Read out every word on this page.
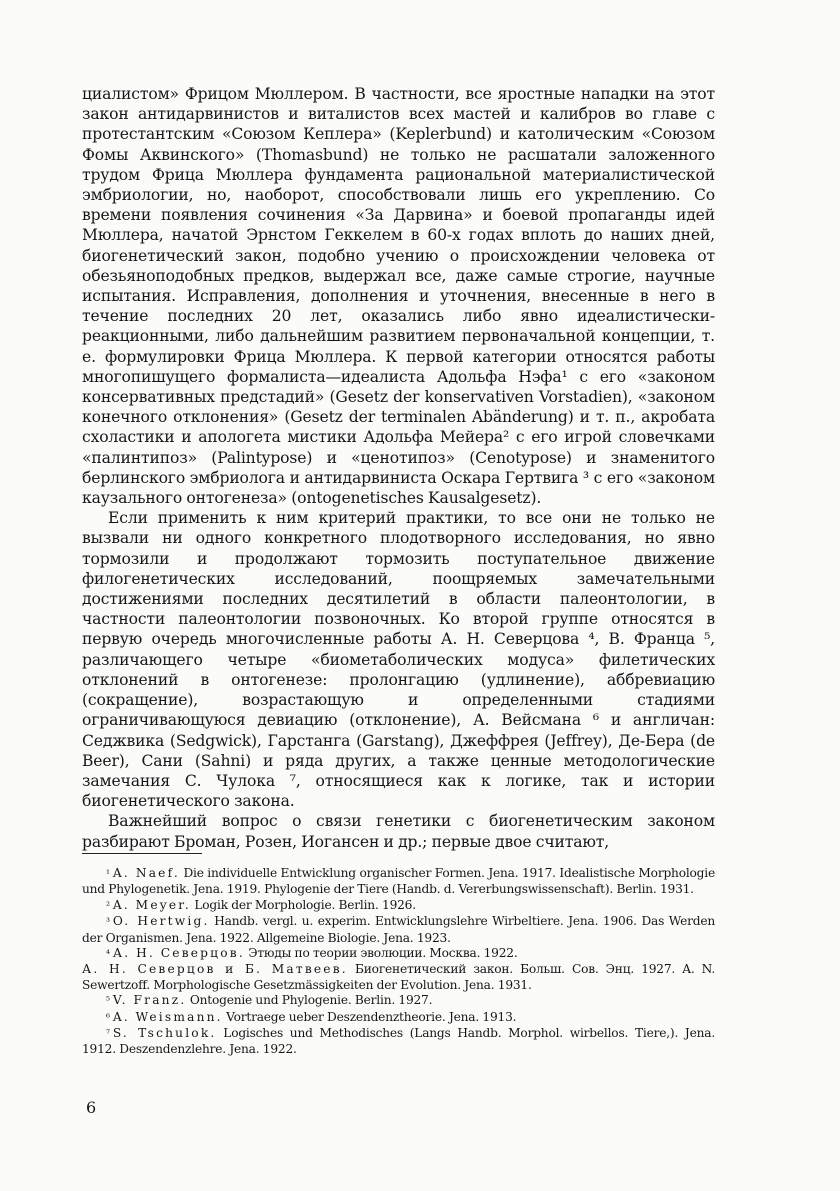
циалистом» Фрицом Мюллером. В частности, все яростные нападки на этот закон антидарвинистов и виталистов всех мастей и калибров во главе с протестантским «Союзом Кеплера» (Keplerbund) и католическим «Союзом Фомы Аквинского» (Thomasbund) не только не расшатали заложенного трудом Фрица Мюллера фундамента рациональной материалистической эмбриологии, но, наоборот, способствовали лишь его укреплению. Со времени появления сочинения «За Дарвина» и боевой пропаганды идей Мюллера, начатой Эрнстом Геккелем в 60-х годах вплоть до наших дней, биогенетический закон, подобно учению о происхождении человека от обезьяноподобных предков, выдержал все, даже самые строгие, научные испытания. Исправления, дополнения и уточнения, внесенные в него в течение последних 20 лет, оказались либо явно идеалистически-реакционными, либо дальнейшим развитием первоначальной концепции, т. е. формулировки Фрица Мюллера. К первой категории относятся работы многопишущего формалиста—идеалиста Адольфа Нэфа¹ с его «законом консервативных предстадий» (Gesetz der konservativen Vorstadien), «законом конечного отклонения» (Gesetz der terminalen Abänderung) и т. п., акробата схоластики и апологета мистики Адольфа Мейера² с его игрой словечками «палинтипоз» (Palintypose) и «ценотипоз» (Cenotypose) и знаменитого берлинского эмбриолога и антидарвиниста Оскара Гертвига ³ с его «законом каузального онтогенеза» (ontogenetisches Kausalgesetz).

Если применить к ним критерий практики, то все они не только не вызвали ни одного конкретного плодотворного исследования, но явно тормозили и продолжают тормозить поступательное движение филогенетических исследований, поощряемых замечательными достижениями последних десятилетий в области палеонтологии, в частности палеонтологии позвоночных. Ко второй группе относятся в первую очередь многочисленные работы А. Н. Северцова ⁴, В. Франца ⁵, различающего четыре «биометаболических модуса» филетических отклонений в онтогенезе: пролонгацию (удлинение), аббревиацию (сокращение), возрастающую и определенными стадиями ограничивающуюся девиацию (отклонение), А. Вейсмана ⁶ и англичан: Седжвика (Sedgwick), Гарстанга (Garstang), Джеффрея (Jeffrey), Де-Бера (de Beer), Сани (Sahni) и ряда других, а также ценные методологические замечания С. Чулока ⁷, относящиеся как к логике, так и истории биогенетического закона.

Важнейший вопрос о связи генетики с биогенетическим законом разбирают Броман, Розен, Иогансен и др.; первые двое считают,

¹ A. Naef. Die individuelle Entwicklung organischer Formen. Jena. 1917. Idealistische Morphologie und Phylogenetik. Jena. 1919. Phylogenie der Tiere (Handb. d. Vererbungswissenschaft). Berlin. 1931.

² A. Meyer. Logik der Morphologie. Berlin. 1926.

³ O. Hertwig. Handb. vergl. u. experim. Entwicklungslehre Wirbeltiere. Jena. 1906. Das Werden der Organismen. Jena. 1922. Allgemeine Biologie. Jena. 1923.

⁴ А. Н. Северцов. Этюды по теории эволюции. Москва. 1922.

А. Н. Северцов и Б. Матвеев. Биогенетический закон. Больш. Сов. Энц. 1927. A. N. Sewertzoff. Morphologische Gesetzmässigkeiten der Evolution. Jena. 1931.

⁵ V. Franz. Ontogenie und Phylogenie. Berlin. 1927.

⁶ A. Weismann. Vortraege ueber Deszendenztheorie. Jena. 1913.

⁷ S. Tschulok. Logisches und Methodisches (Langs Handb. Morphol. wirbellos. Tiere,). Jena. 1912. Deszendenzlehre. Jena. 1922.

6
